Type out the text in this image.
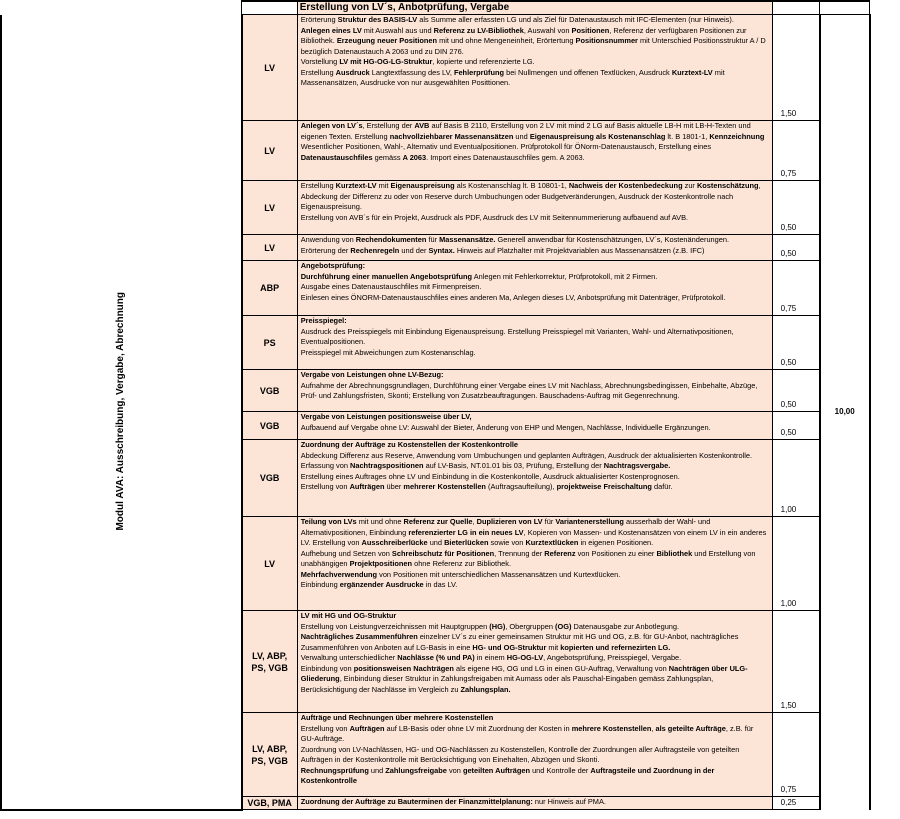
		Erstellung von LV´s, Anbotprüfung, Vergabe			
Modul AVA: Ausschreibung, Vergabe, Abrechnung	LV	Erörterung Struktur des BASIS-LV als Summe aller erfassten LG und als Ziel für Datenaustausch mit IFC-Elementen (nur Hinweis).
Anlegen eines LV mit Auswahl aus und Referenz zu LV-Bibliothek, Auswahl von Positionen, Referenz der verfügbaren Positionen zur Bibliothek. Erzeugung neuer Positionen mit und ohne Mengeneinheit, Erörtertung Positionsnummer mit Unterschied Positionsstruktur A / D bezüglich Datenaustauch A 2063 und zu DIN 276.
Vorstellung LV mit HG-OG-LG-Struktur, kopierte und referenzierte LG.
Erstellung Ausdruck Langtextfassung des LV, Fehlerprüfung bei Nullmengen und offenen Textlücken, Ausdruck Kurztext-LV mit Massenansätzen, Ausdrucke von nur ausgewählten Posittionen.	1,50	10,00	
	LV	Anlegen von LV´s, Erstellung der AVB auf Basis B 2110, Erstellung von 2 LV mit mind 2 LG auf Basis aktuelle LB-H mit LB-H-Texten und eigenen Texten. Erstellung nachvollziehbarer Massenansätzen und Eigenauspreisung als Kostenanschlag lt. B 1801-1, Kennzeichnung Wesentlicher Positionen, Wahl-, Alternativ und Eventualpositionen. Prüfprotokoll für ÖNorm-Datenaustausch, Erstellung eines Datenaustauschfiles gemäss A 2063. Import eines Datenaustauschfiles gem. A 2063.	0,75		
	LV	Erstellung Kurztext-LV mit Eigenauspreisung als Kostenanschlag lt. B 10801-1, Nachweis der Kostenbedeckung zur Kostenschätzung, Abdeckung der Differenz zu oder von Reserve durch Umbuchungen oder Budgetveränderungen, Ausdruck der Kostenkontrolle nach Eigenauspreisung.
Erstellung von AVB´s für ein Projekt, Ausdruck als PDF, Ausdruck des LV mit Seitennummerierung aufbauend auf AVB.	0,50		
	LV	Anwendung von Rechendokumenten für Massenansätze. Generell anwendbar für Kostenschätzungen, LV´s, Kostenänderungen.
Erörterung der Rechenregeln und der Syntax. Hinweis auf Platzhalter mit Projektvariablen aus Massenansätzen (z.B. IFC)	0,50		
	ABP	Angebotsprüfung:
Durchführung einer manuellen Angebotsprüfung Anlegen mit Fehlerkorrektur, Prüfprotokoll, mit 2 Firmen.
Ausgabe eines Datenaustauschfiles mit Firmenpreisen.
Einlesen eines ÖNORM-Datenaustauschfiles eines anderen Ma, Anlegen dieses LV, Anbotsprüfung mit Datenträger, Prüfprotokoll.	0,75		
	PS	Preisspiegel:
Ausdruck des Preisspiegels mit Einbindung Eigenauspreisung. Erstellung Preisspiegel mit Varianten, Wahl- und Alternativpositionen, Eventualpositionen.
Preisspiegel mit Abweichungen zum Kostenanschlag.	0,50		
	VGB	Vergabe von Leistungen ohne LV-Bezug:
Aufnahme der Abrechnungsgrundlagen, Durchführung einer Vergabe eines LV mit Nachlass, Abrechnungsbedingissen, Einbehalte, Abzüge, Prüf- und Zahlungsfristen, Skonti; Erstellung von Zusatzbeauftragungen. Bauschadens-Auftrag mit Gegenrechnung.	0,50		
	VGB	Vergabe von Leistungen positionsweise über LV,
Aufbauend auf Vergabe ohne LV: Auswahl der Bieter, Änderung von EHP und Mengen, Nachlässe, Individuelle Ergänzungen.	0,50		
	VGB	Zuordnung der Aufträge zu Kostenstellen der Kostenkontrolle
Abdeckung Differenz aus Reserve, Anwendung vom Umbuchungen und geplanten Aufträgen, Ausdruck der aktualisierten Kostenkontrolle.
Erfassung von Nachtragspositionen auf LV-Basis, NT.01.01 bis 03, Prüfung, Erstellung der Nachtragsvergabe.
Erstellung eines Auftrages ohne LV und Einbindung in die Kostenkontolle, Ausdruck aktualisierter Kostenprognosen.
Erstellung von Aufträgen über mehrerer Kostenstellen (Auftragsaufteilung), projektweise Freischaltung dafür.	1,00		
	LV	Teilung von LVs mit und ohne Referenz zur Quelle, Duplizieren von LV für Variantenerstellung ausserhalb der Wahl- und Alternativpositionen, Einbindung referenzierter LG in ein neues LV, Kopieren von Massen- und Kostenansätzen von einem LV in ein anderes LV. Erstellung von Ausschreiberlücke und Bieterlücken sowie von Kurztextlücken in eigenen Positionen.
Aufhebung und Setzen von Schreibschutz für Positionen, Trennung der Referenz von Positionen zu einer Bibliothek und Erstellung von unabhängigen Projektpositionen ohne Referenz zur Bibliothek.
Mehrfachverwendung von Positionen mit unterschiedlichen Massenansätzen und Kurtextlücken.
Einbindung ergänzender Ausdrucke in das LV.	1,00		
	LV, ABP, PS, VGB	LV mit HG und OG-Struktur
Erstellung von Leistungverzeichnissen mit Hauptgruppen (HG), Obergruppen (OG) Datenausgabe zur Anbotlegung.
Nachträgliches Zusammenführen einzelner LV´s zu einer gemeinsamen Struktur mit HG und OG, z.B. für GU-Anbot, nachträgliches Zusammenführen von Anboten auf LG-Basis in eine HG- und OG-Struktur mit kopierten und refernezirten LG.
Verwaltung unterschiedlicher Nachlässe (% und PA) in einem HG-OG-LV, Angebotsprüfung, Preisspiegel, Vergabe.
Einbindung von positionsweisen Nachträgen als eigene HG, OG und LG in einen GU-Auftrag, Verwaltung von Nachträgen über ULG-Gliederung, Einbindung dieser Struktur in Zahlungsfreigaben mit Aumass oder als Pauschal-Eingaben gemäss Zahlungsplan, Berücksichtigung der Nachlässe im Vergleich zu Zahlungsplan.	1,50		
	LV, ABP, PS, VGB	Aufträge und Rechnungen über mehrere Kostenstellen
Erstellung von Aufträgen auf LB-Basis oder ohne LV mit Zuordnung der Kosten in mehrere Kostenstellen, als geteilte Aufträge, z.B. für GU-Aufträge.
Zuordnung von LV-Nachlässen, HG- und OG-Nachlässen zu Kostenstellen, Kontrolle der Zuordnungen aller Auftragsteile von geteilten Aufträgen in der Kostenkontrolle mit Berücksichtigung von Einehalten, Abzügen und Skonti.
Rechnungsprüfung und Zahlungsfreigabe von geteilten Aufträgen und Kontrolle der Auftragsteile und Zuordnung in der Kostenkontrolle	0,75		
	VGB, PMA	Zuordnung der Aufträge zu Bauterminen der Finanzmittelplanung: nur Hinweis auf PMA.	0,25		
